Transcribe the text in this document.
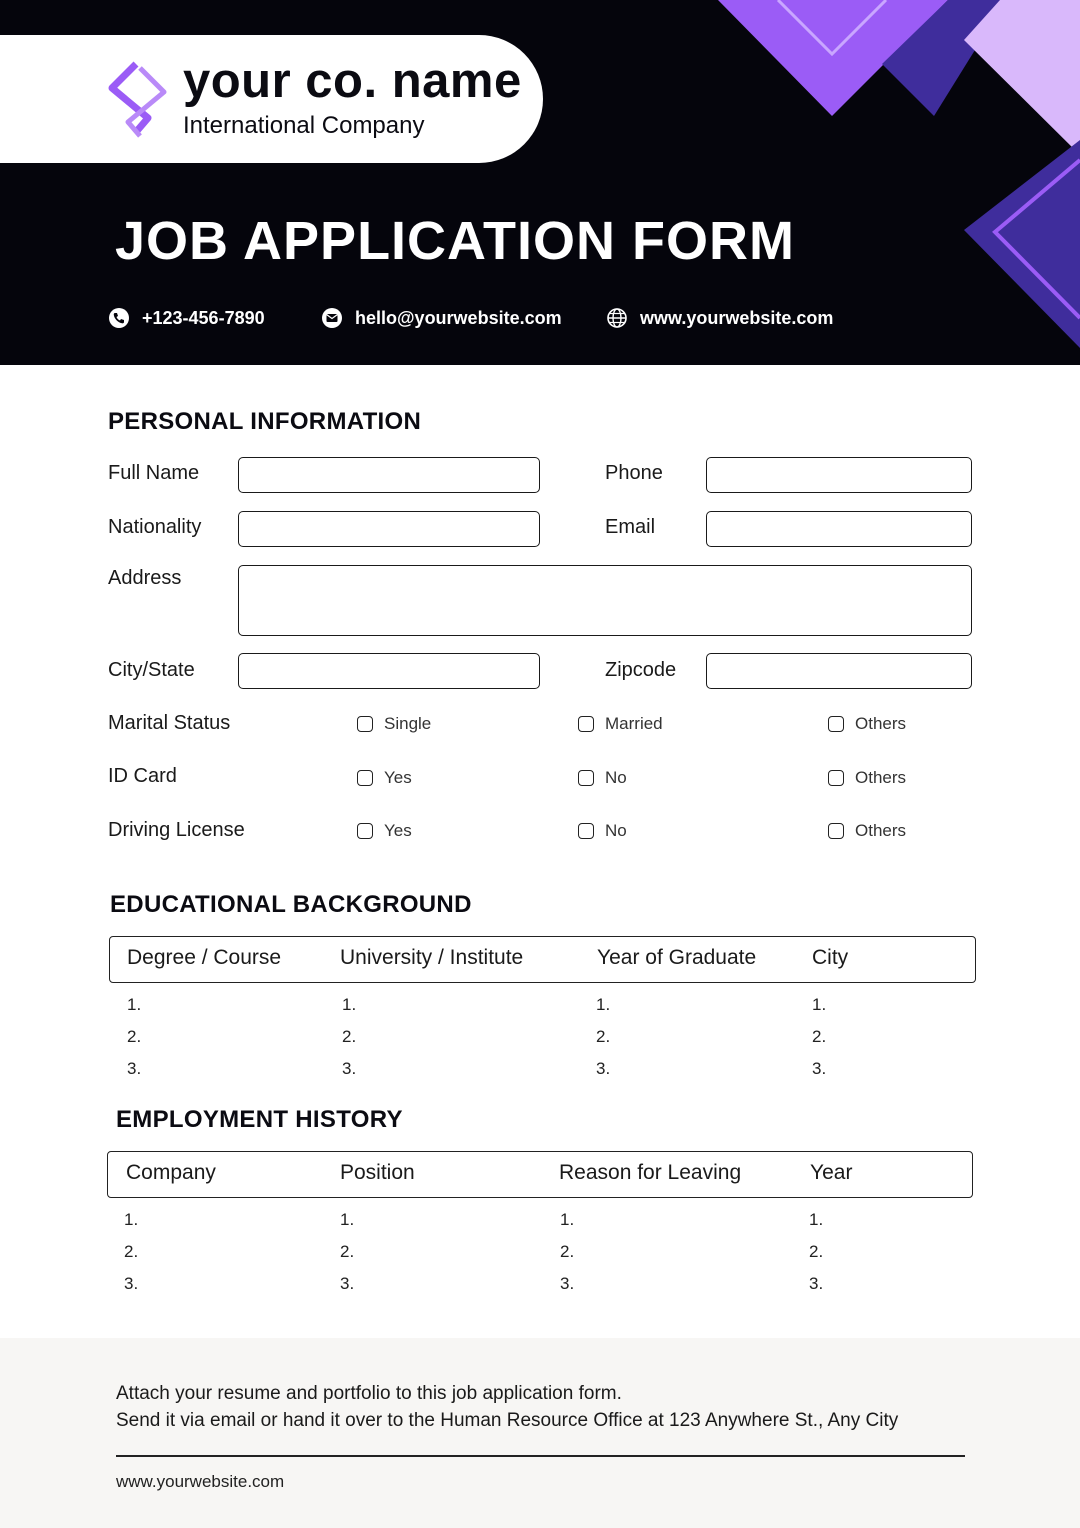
your co. name
International Company
JOB APPLICATION FORM
+123-456-7890	hello@yourwebsite.com	www.yourwebsite.com
PERSONAL INFORMATION
Full Name	Phone
Nationality	Email
Address
City/State	Zipcode
Marital Status	Single	Married	Others
ID Card	Yes	No	Others
Driving License	Yes	No	Others
EDUCATIONAL BACKGROUND
Degree / Course	University / Institute	Year of Graduate	City
1.	1.	1.	1.
2.	2.	2.	2.
3.	3.	3.	3.
EMPLOYMENT HISTORY
Company	Position	Reason for Leaving	Year
1.	1.	1.	1.
2.	2.	2.	2.
3.	3.	3.	3.
Attach your resume and portfolio to this job application form.
Send it via email or hand it over to the Human Resource Office at 123 Anywhere St., Any City
www.yourwebsite.com
